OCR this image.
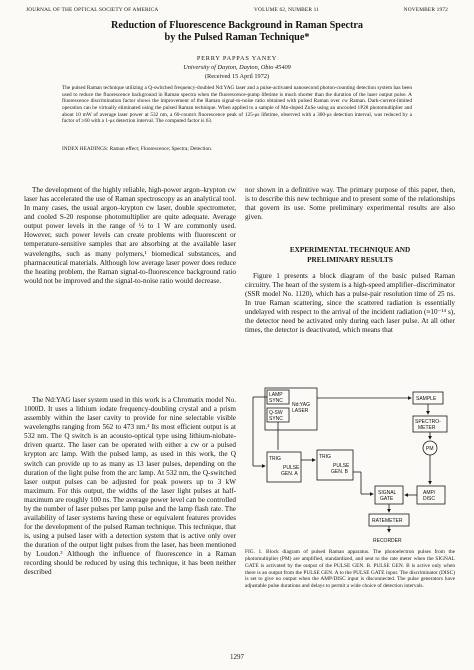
JOURNAL OF THE OPTICAL SOCIETY OF AMERICA	VOLUME 62, NUMBER 11	NOVEMBER 1972
Reduction of Fluorescence Background in Raman Spectra
by the Pulsed Raman Technique*
PERRY PAPPAS YANEY
University of Dayton, Dayton, Ohio 45409
(Received 15 April 1972)

The pulsed Raman technique utilizing a Q-switched frequency-doubled Nd:YAG laser and a pulse-activated nanosecond photon-counting detection system has been used to reduce the fluorescence background in Raman spectra when the fluorescence-pump lifetime is much shorter than the duration of the laser output pulse. A fluorescence discrimination factor shows the improvement of the Raman signal-to-noise ratio obtained with pulsed Raman over cw Raman. Dark-current-limited operation can be virtually eliminated using the pulsed Raman technique. When applied to a sample of Mn-doped ZnSe using an uncooled 1P28 photomultiplier and about 10 mW of average laser power at 532 nm, a 60-count/s fluorescence peak of 125-μs lifetime, observed with a 300-μs detection interval, was reduced by a factor of ≥60 with a 1-μs detection interval. The computed factor is 63.

INDEX HEADINGS: Raman effect; Fluorescence; Spectra; Detection.

The development of the highly reliable, high-power argon–krypton cw laser has accelerated the use of Raman spectroscopy as an analytical tool. In many cases, the usual argon–krypton cw laser, double spectrometer, and cooled S-20 response photomultiplier are quite adequate. Average output power levels in the range of ½ to 1 W are commonly used. However, such power levels can create problems with fluorescent or temperature-sensitive samples that are absorbing at the available laser wavelengths, such as many polymers,¹ biomedical substances, and pharmaceutical materials. Although low average laser power does reduce the heating problem, the Raman signal-to-fluorescence background ratio would not be improved and the signal-to-noise ratio would decrease.

The Nd:YAG laser system used in this work is a Chromatix model No. 1000D. It uses a lithium iodate frequency-doubling crystal and a prism assembly within the laser cavity to provide for nine selectable visible wavelengths ranging from 562 to 473 nm.² Its most efficient output is at 532 nm. The Q switch is an acousto-optical type using lithium-niobate-driven quartz. The laser can be operated with either a cw or a pulsed krypton arc lamp. With the pulsed lamp, as used in this work, the Q switch can provide up to as many as 13 laser pulses, depending on the duration of the light pulse from the arc lamp. At 532 nm, the Q-switched laser output pulses can be adjusted for peak powers up to 3 kW maximum. For this output, the widths of the laser light pulses at half-maximum are roughly 100 ns. The average power level can be controlled by the number of laser pulses per lamp pulse and the lamp flash rate. The availability of laser systems having these or equivalent features provides for the development of the pulsed Raman technique. This technique, that is, using a pulsed laser with a detection system that is active only over the duration of the output light pulses from the laser, has been mentioned by Loudon.³ Although the influence of fluorescence in a Raman recording should be reduced by using this technique, it has been neither described

nor shown in a definitive way. The primary purpose of this paper, then, is to describe this new technique and to present some of the relationships that govern its use. Some preliminary experimental results are also given.

EXPERIMENTAL TECHNIQUE AND
PRELIMINARY RESULTS

Figure 1 presents a block diagram of the basic pulsed Raman circuitry. The heart of the system is a high-speed amplifier–discriminator (SSR model No. 1120), which has a pulse-pair resolution time of 25 ns. In true Raman scattering, since the scattered radiation is essentially undelayed with respect to the arrival of the incident radiation (≈10⁻¹⁴ s), the detector need be activated only during each laser pulse. At all other times, the detector is deactivated, which means that

LAMP
SYNC
Q-SW
SYNC
Nd:YAG
LASER
SAMPLE
SPECTRO-
METER
PM
TRIG
PULSE
GEN. A
TRIG
PULSE
GEN. B
SIGNAL
GATE
AMP/
DISC
RATEMETER
RECORDER

FIG. 1. Block diagram of pulsed Raman apparatus. The photoelectron pulses from the photomultiplier (PM) are amplified, standardized, and sent to the rate meter when the SIGNAL GATE is activated by the output of the PULSE GEN. B. PULSE GEN. B is active only when there is an output from the PULSE GEN. A to the PULSE GATE input. The discriminator (DISC) is set to give no output when the AMP/DISC input is disconnected. The pulse generators have adjustable pulse durations and delays to permit a wide choice of detection intervals.

1297
